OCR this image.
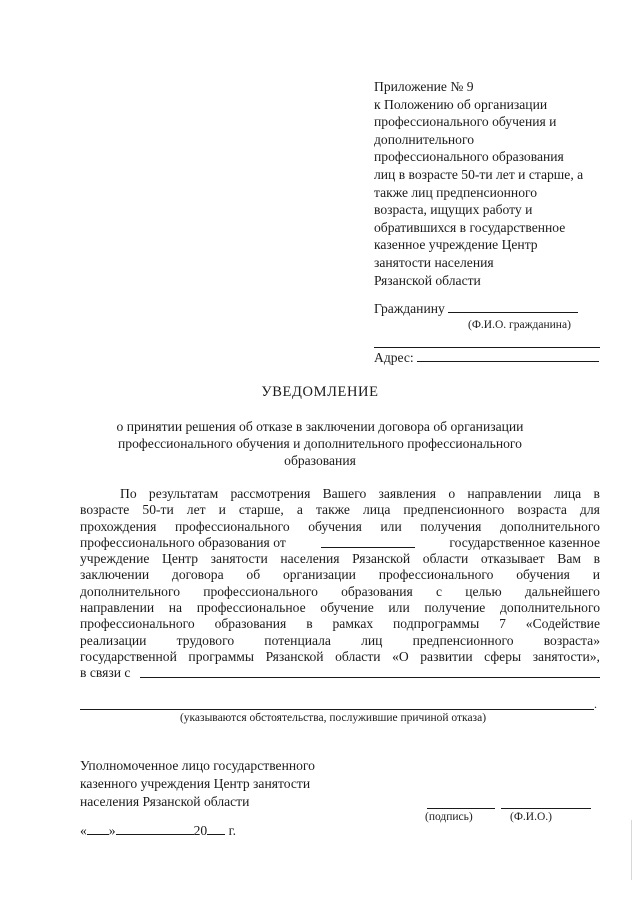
Приложение № 9
к Положению об организации
профессионального обучения и
дополнительного
профессионального образования
лиц в возрасте 50-ти лет и старше, а
также лиц предпенсионного
возраста, ищущих работу и
обратившихся в государственное
казенное учреждение Центр
занятости населения
Рязанской области
Гражданину
(Ф.И.О. гражданина)
Адрес:
УВЕДОМЛЕНИЕ
о принятии решения об отказе в заключении договора об организации
профессионального обучения и дополнительного профессионального
образования
По результатам рассмотрения Вашего заявления о направлении лица в
возрасте 50-ти лет и старше, а также лица предпенсионного возраста для
прохождения профессионального обучения или получения дополнительного
профессионального образования от	государственное казенное
учреждение Центр занятости населения Рязанской области отказывает Вам в
заключении договора об организации профессионального обучения и
дополнительного профессионального образования с целью дальнейшего
направлении на профессиональное обучение или получение дополнительного
профессионального образования в рамках подпрограммы 7 «Содействие
реализации трудового потенциала лиц предпенсионного возраста»
государственной программы Рязанской области «О развитии сферы занятости»,
в связи с
.
(указываются обстоятельства, послужившие причиной отказа)
Уполномоченное лицо государственного
казенного учреждения Центр занятости
населения Рязанской области
(подпись)	(Ф.И.О.)
« »	20 г.
